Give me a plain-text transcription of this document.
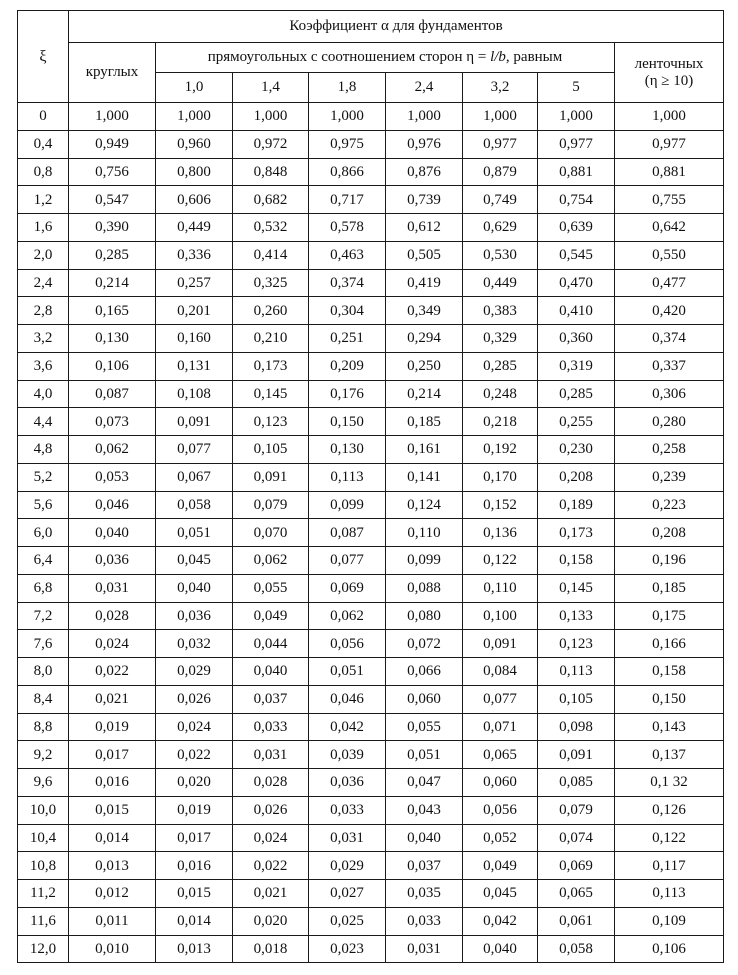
ξ	Коэффициент α для фундаментов							
	круглых	прямоугольных с соотношением сторон η = l/b, равным						ленточных
(η ≥ 10)

		1,0	1,4	1,8	2,4	3,2	5	
0	1,000	1,000	1,000	1,000	1,000	1,000	1,000	1,000
0,4	0,949	0,960	0,972	0,975	0,976	0,977	0,977	0,977
0,8	0,756	0,800	0,848	0,866	0,876	0,879	0,881	0,881
1,2	0,547	0,606	0,682	0,717	0,739	0,749	0,754	0,755
1,6	0,390	0,449	0,532	0,578	0,612	0,629	0,639	0,642
2,0	0,285	0,336	0,414	0,463	0,505	0,530	0,545	0,550
2,4	0,214	0,257	0,325	0,374	0,419	0,449	0,470	0,477
2,8	0,165	0,201	0,260	0,304	0,349	0,383	0,410	0,420
3,2	0,130	0,160	0,210	0,251	0,294	0,329	0,360	0,374
3,6	0,106	0,131	0,173	0,209	0,250	0,285	0,319	0,337
4,0	0,087	0,108	0,145	0,176	0,214	0,248	0,285	0,306
4,4	0,073	0,091	0,123	0,150	0,185	0,218	0,255	0,280
4,8	0,062	0,077	0,105	0,130	0,161	0,192	0,230	0,258
5,2	0,053	0,067	0,091	0,113	0,141	0,170	0,208	0,239
5,6	0,046	0,058	0,079	0,099	0,124	0,152	0,189	0,223
6,0	0,040	0,051	0,070	0,087	0,110	0,136	0,173	0,208
6,4	0,036	0,045	0,062	0,077	0,099	0,122	0,158	0,196
6,8	0,031	0,040	0,055	0,069	0,088	0,110	0,145	0,185
7,2	0,028	0,036	0,049	0,062	0,080	0,100	0,133	0,175
7,6	0,024	0,032	0,044	0,056	0,072	0,091	0,123	0,166
8,0	0,022	0,029	0,040	0,051	0,066	0,084	0,113	0,158
8,4	0,021	0,026	0,037	0,046	0,060	0,077	0,105	0,150
8,8	0,019	0,024	0,033	0,042	0,055	0,071	0,098	0,143
9,2	0,017	0,022	0,031	0,039	0,051	0,065	0,091	0,137
9,6	0,016	0,020	0,028	0,036	0,047	0,060	0,085	0,1 32
10,0	0,015	0,019	0,026	0,033	0,043	0,056	0,079	0,126
10,4	0,014	0,017	0,024	0,031	0,040	0,052	0,074	0,122
10,8	0,013	0,016	0,022	0,029	0,037	0,049	0,069	0,117
11,2	0,012	0,015	0,021	0,027	0,035	0,045	0,065	0,113
11,6	0,011	0,014	0,020	0,025	0,033	0,042	0,061	0,109
12,0	0,010	0,013	0,018	0,023	0,031	0,040	0,058	0,106
